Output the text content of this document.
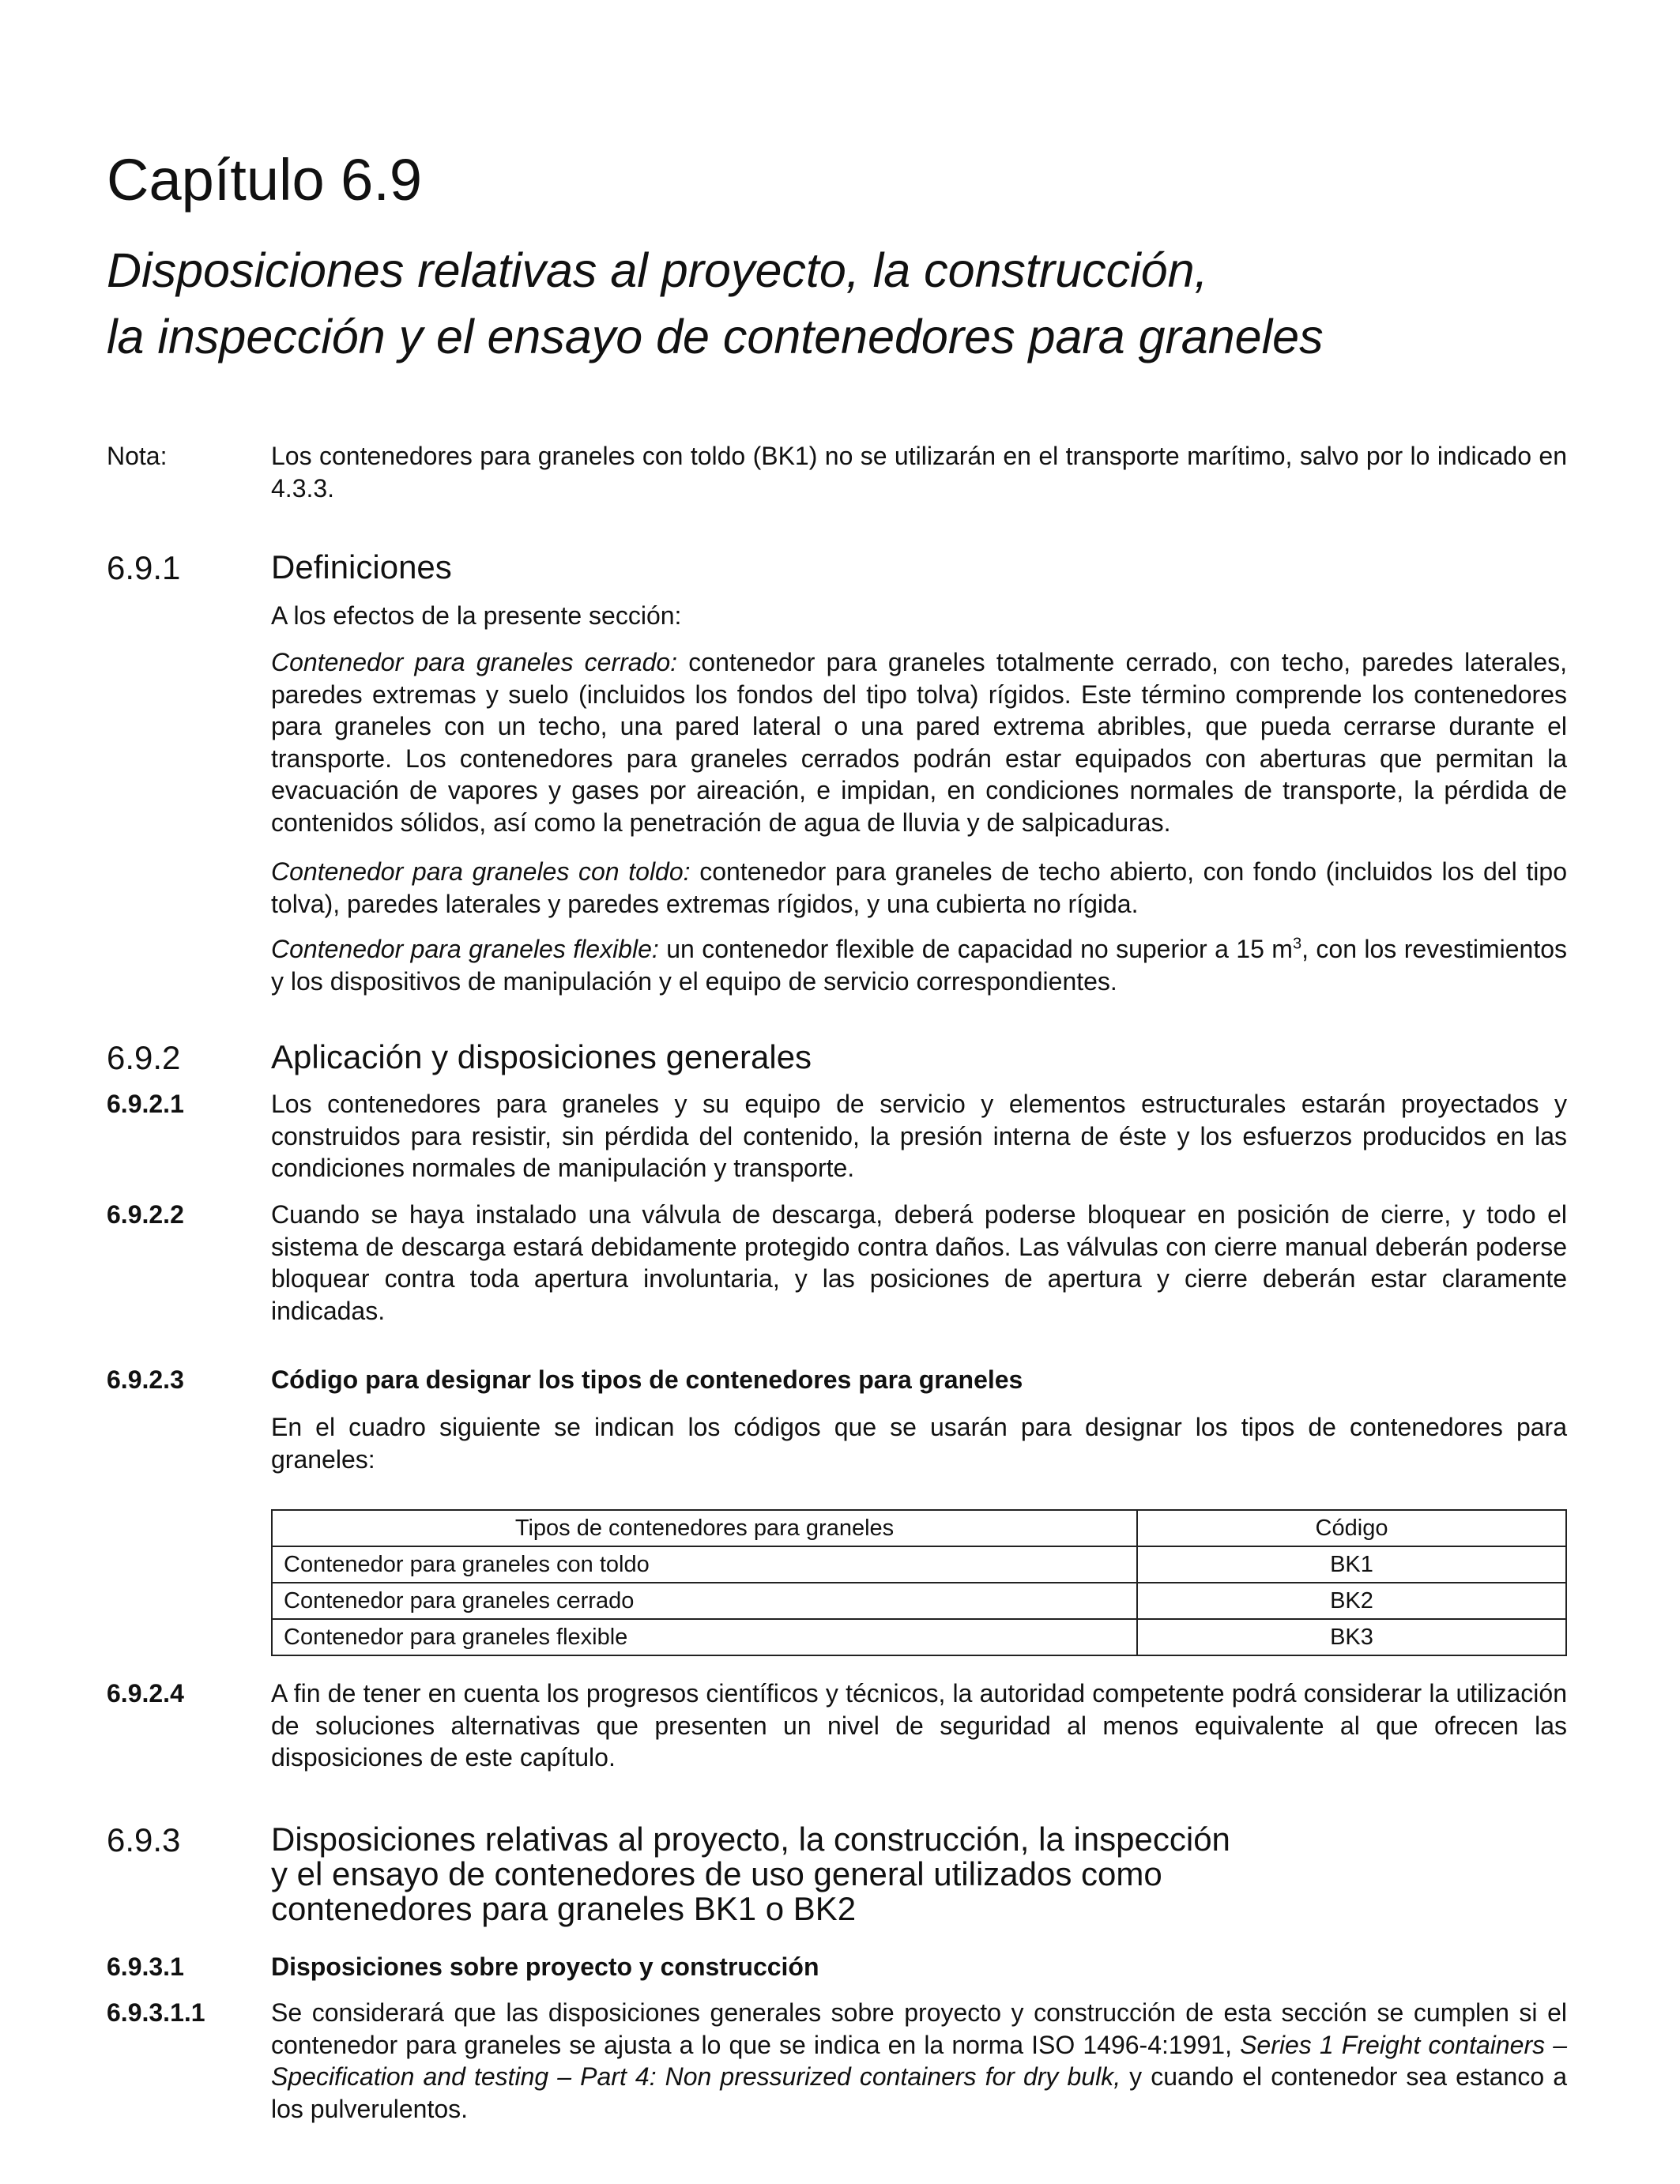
Capítulo 6.9
Disposiciones relativas al proyecto, la construcción,
la inspección y el ensayo de contenedores para graneles
Nota:	Los contenedores para graneles con toldo (BK1) no se utilizarán en el transporte marítimo, salvo por lo indicado en 4.3.3.

6.9.1	Definiciones

A los efectos de la presente sección:

Contenedor para graneles cerrado: contenedor para graneles totalmente cerrado, con techo, paredes laterales, paredes extremas y suelo (incluidos los fondos del tipo tolva) rígidos. Este término comprende los contenedores para graneles con un techo, una pared lateral o una pared extrema abribles, que pueda cerrarse durante el transporte. Los contenedores para graneles cerrados podrán estar equipados con aberturas que permitan la evacuación de vapores y gases por aireación, e impidan, en condiciones normales de transporte, la pérdida de contenidos sólidos, así como la penetración de agua de lluvia y de salpicaduras.

Contenedor para graneles con toldo: contenedor para graneles de techo abierto, con fondo (incluidos los del tipo tolva), paredes laterales y paredes extremas rígidos, y una cubierta no rígida.

Contenedor para graneles flexible: un contenedor flexible de capacidad no superior a 15 $m^3$, con los revestimientos y los dispositivos de manipulación y el equipo de servicio correspondientes.

6.9.2	Aplicación y disposiciones generales
6.9.2.1	Los contenedores para graneles y su equipo de servicio y elementos estructurales estarán proyectados y construidos para resistir, sin pérdida del contenido, la presión interna de éste y los esfuerzos producidos en las condiciones normales de manipulación y transporte.

6.9.2.2	Cuando se haya instalado una válvula de descarga, deberá poderse bloquear en posición de cierre, y todo el sistema de descarga estará debidamente protegido contra daños. Las válvulas con cierre manual deberán poderse bloquear contra toda apertura involuntaria, y las posiciones de apertura y cierre deberán estar claramente indicadas.

6.9.2.3	Código para designar los tipos de contenedores para graneles

En el cuadro siguiente se indican los códigos que se usarán para designar los tipos de contenedores para graneles:

Tipos de contenedores para graneles	Código
Contenedor para graneles con toldo	BK1
Contenedor para graneles cerrado	BK2
Contenedor para graneles flexible	BK3
6.9.2.4	A fin de tener en cuenta los progresos científicos y técnicos, la autoridad competente podrá considerar la utilización de soluciones alternativas que presenten un nivel de seguridad al menos equivalente al que ofrecen las disposiciones de este capítulo.

6.9.3	Disposiciones relativas al proyecto, la construcción, la inspección
y el ensayo de contenedores de uso general utilizados como
contenedores para graneles BK1 o BK2
6.9.3.1	Disposiciones sobre proyecto y construcción
6.9.3.1.1	Se considerará que las disposiciones generales sobre proyecto y construcción de esta sección se cumplen si el contenedor para graneles se ajusta a lo que se indica en la norma ISO 1496-4:1991, Series 1 Freight containers – Specification and testing – Part 4: Non pressurized containers for dry bulk, y cuando el contenedor sea estanco a los pulverulentos.
